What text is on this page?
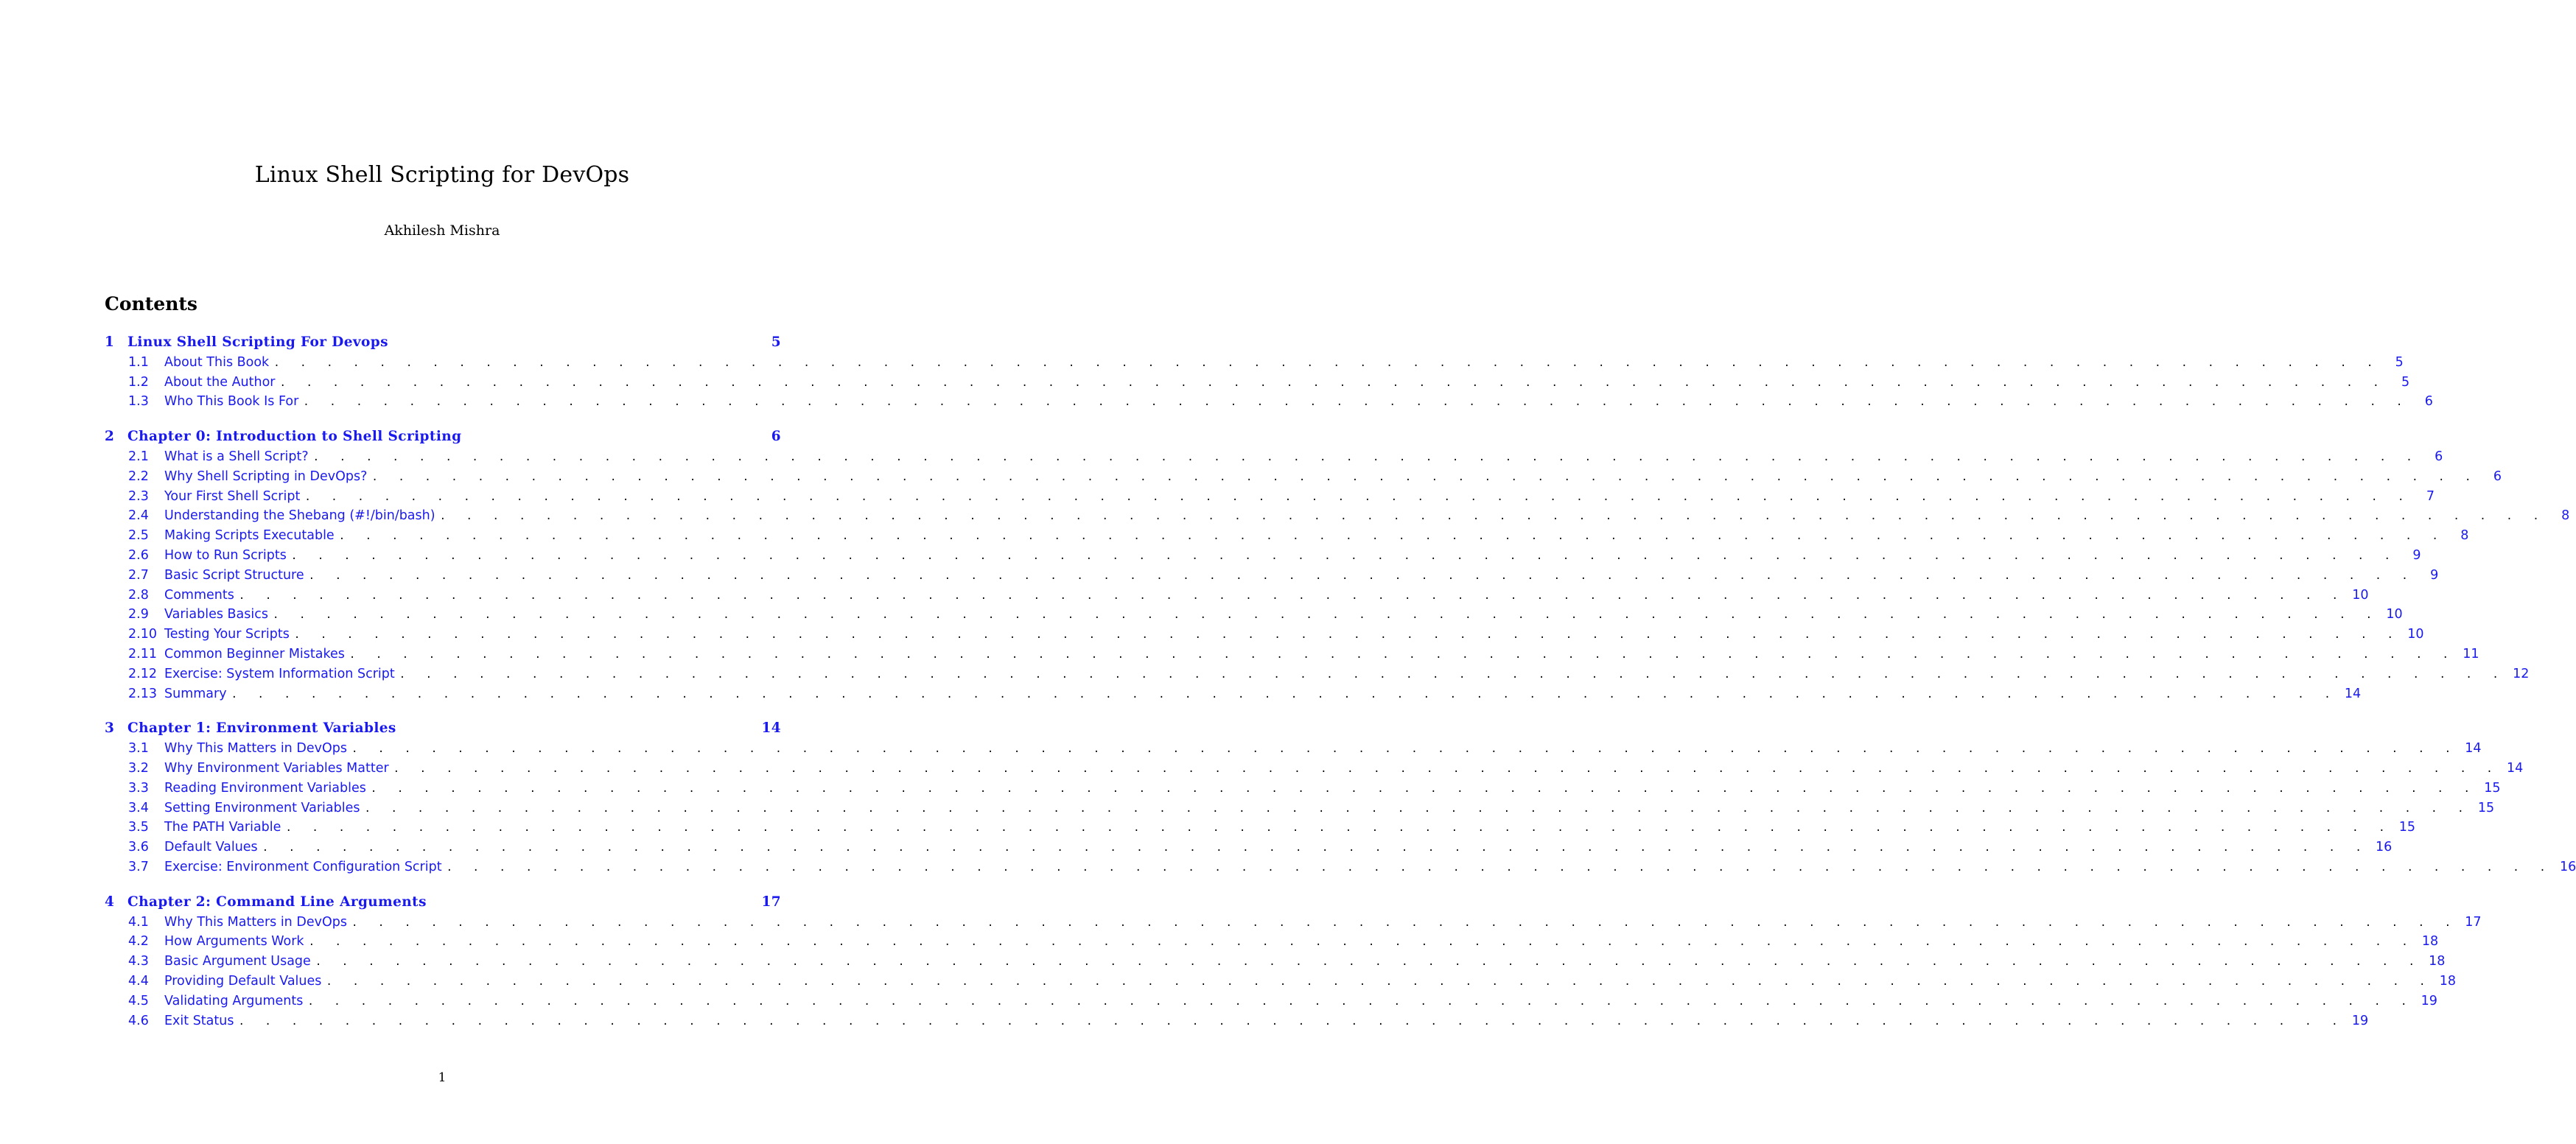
Linux Shell Scripting for DevOps
Akhilesh Mishra
Contents
1 Linux Shell Scripting For Devops	5
1.1	About This Book . . . . . . . . . . . . . . . . . . . . . . . . . . . . . . . . . . . . . . . . . . . . . . . . . . . . . . . . . . . . . . . . . . . . . . . . . . . . . . . .	5
1.2	About the Author . . . . . . . . . . . . . . . . . . . . . . . . . . . . . . . . . . . . . . . . . . . . . . . . . . . . . . . . . . . . . . . . . . . . . . . . . . . . . . . .	5
1.3	Who This Book Is For . . . . . . . . . . . . . . . . . . . . . . . . . . . . . . . . . . . . . . . . . . . . . . . . . . . . . . . . . . . . . . . . . . . . . . . . . . . . . . . .	6
2 Chapter 0: Introduction to Shell Scripting	6
2.1	What is a Shell Script? . . . . . . . . . . . . . . . . . . . . . . . . . . . . . . . . . . . . . . . . . . . . . . . . . . . . . . . . . . . . . . . . . . . . . . . . . . . . . . . .	6
2.2	Why Shell Scripting in DevOps? . . . . . . . . . . . . . . . . . . . . . . . . . . . . . . . . . . . . . . . . . . . . . . . . . . . . . . . . . . . . . . . . . . . . . . . . . . . . . . . .	6
2.3	Your First Shell Script . . . . . . . . . . . . . . . . . . . . . . . . . . . . . . . . . . . . . . . . . . . . . . . . . . . . . . . . . . . . . . . . . . . . . . . . . . . . . . . .	7
2.4	Understanding the Shebang (#!/bin/bash) . . . . . . . . . . . . . . . . . . . . . . . . . . . . . . . . . . . . . . . . . . . . . . . . . . . . . . . . . . . . . . . . . . . . . . . . . . . . . . . .	8
2.5	Making Scripts Executable . . . . . . . . . . . . . . . . . . . . . . . . . . . . . . . . . . . . . . . . . . . . . . . . . . . . . . . . . . . . . . . . . . . . . . . . . . . . . . . .	8
2.6	How to Run Scripts . . . . . . . . . . . . . . . . . . . . . . . . . . . . . . . . . . . . . . . . . . . . . . . . . . . . . . . . . . . . . . . . . . . . . . . . . . . . . . . .	9
2.7	Basic Script Structure . . . . . . . . . . . . . . . . . . . . . . . . . . . . . . . . . . . . . . . . . . . . . . . . . . . . . . . . . . . . . . . . . . . . . . . . . . . . . . . .	9
2.8	Comments . . . . . . . . . . . . . . . . . . . . . . . . . . . . . . . . . . . . . . . . . . . . . . . . . . . . . . . . . . . . . . . . . . . . . . . . . . . . . . . . 10
2.9	Variables Basics . . . . . . . . . . . . . . . . . . . . . . . . . . . . . . . . . . . . . . . . . . . . . . . . . . . . . . . . . . . . . . . . . . . . . . . . . . . . . . . . 10
2.10 Testing Your Scripts . . . . . . . . . . . . . . . . . . . . . . . . . . . . . . . . . . . . . . . . . . . . . . . . . . . . . . . . . . . . . . . . . . . . . . . . . . . . . . . . 10
2.11 Common Beginner Mistakes . . . . . . . . . . . . . . . . . . . . . . . . . . . . . . . . . . . . . . . . . . . . . . . . . . . . . . . . . . . . . . . . . . . . . . . . . . . . . . . . 11
2.12 Exercise: System Information Script . . . . . . . . . . . . . . . . . . . . . . . . . . . . . . . . . . . . . . . . . . . . . . . . . . . . . . . . . . . . . . . . . . . . . . . . . . . . . . . . 12
2.13 Summary . . . . . . . . . . . . . . . . . . . . . . . . . . . . . . . . . . . . . . . . . . . . . . . . . . . . . . . . . . . . . . . . . . . . . . . . . . . . . . . . 14
3 Chapter 1: Environment Variables	14
3.1	Why This Matters in DevOps . . . . . . . . . . . . . . . . . . . . . . . . . . . . . . . . . . . . . . . . . . . . . . . . . . . . . . . . . . . . . . . . . . . . . . . . . . . . . . . . 14
3.2	Why Environment Variables Matter . . . . . . . . . . . . . . . . . . . . . . . . . . . . . . . . . . . . . . . . . . . . . . . . . . . . . . . . . . . . . . . . . . . . . . . . . . . . . . . . 14
3.3	Reading Environment Variables . . . . . . . . . . . . . . . . . . . . . . . . . . . . . . . . . . . . . . . . . . . . . . . . . . . . . . . . . . . . . . . . . . . . . . . . . . . . . . . . 15
3.4	Setting Environment Variables . . . . . . . . . . . . . . . . . . . . . . . . . . . . . . . . . . . . . . . . . . . . . . . . . . . . . . . . . . . . . . . . . . . . . . . . . . . . . . . . 15
3.5	The PATH Variable . . . . . . . . . . . . . . . . . . . . . . . . . . . . . . . . . . . . . . . . . . . . . . . . . . . . . . . . . . . . . . . . . . . . . . . . . . . . . . . . 15
3.6	Default Values . . . . . . . . . . . . . . . . . . . . . . . . . . . . . . . . . . . . . . . . . . . . . . . . . . . . . . . . . . . . . . . . . . . . . . . . . . . . . . . . 16
3.7	Exercise: Environment Configuration Script . . . . . . . . . . . . . . . . . . . . . . . . . . . . . . . . . . . . . . . . . . . . . . . . . . . . . . . . . . . . . . . . . . . . . . . . . . . . . . . . 16
4 Chapter 2: Command Line Arguments	17
4.1	Why This Matters in DevOps . . . . . . . . . . . . . . . . . . . . . . . . . . . . . . . . . . . . . . . . . . . . . . . . . . . . . . . . . . . . . . . . . . . . . . . . . . . . . . . . 17
4.2	How Arguments Work . . . . . . . . . . . . . . . . . . . . . . . . . . . . . . . . . . . . . . . . . . . . . . . . . . . . . . . . . . . . . . . . . . . . . . . . . . . . . . . . 18
4.3	Basic Argument Usage . . . . . . . . . . . . . . . . . . . . . . . . . . . . . . . . . . . . . . . . . . . . . . . . . . . . . . . . . . . . . . . . . . . . . . . . . . . . . . . . 18
4.4	Providing Default Values . . . . . . . . . . . . . . . . . . . . . . . . . . . . . . . . . . . . . . . . . . . . . . . . . . . . . . . . . . . . . . . . . . . . . . . . . . . . . . . . 18
4.5	Validating Arguments . . . . . . . . . . . . . . . . . . . . . . . . . . . . . . . . . . . . . . . . . . . . . . . . . . . . . . . . . . . . . . . . . . . . . . . . . . . . . . . . 19
4.6	Exit Status . . . . . . . . . . . . . . . . . . . . . . . . . . . . . . . . . . . . . . . . . . . . . . . . . . . . . . . . . . . . . . . . . . . . . . . . . . . . . . . . 19
1
